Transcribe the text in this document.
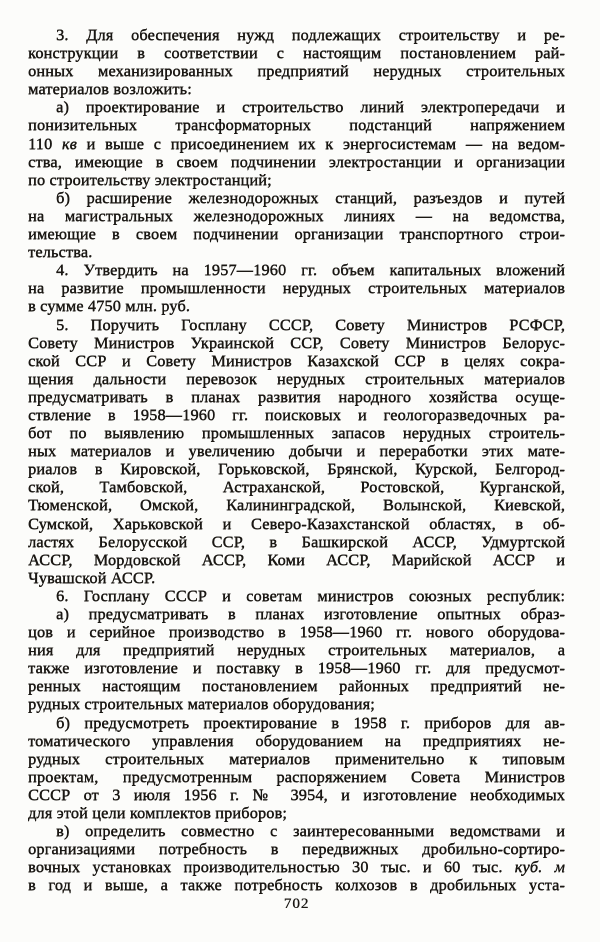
3. Для обеспечения нужд подлежащих строительству и ре-
конструкции в соответствии с настоящим постановлением рай-
онных механизированных предприятий нерудных строительных
материалов возложить:
а) проектирование и строительство линий электропередачи и
понизительных трансформаторных подстанций напряжением
110 кв и выше с присоединением их к энергосистемам — на ведом-
ства, имеющие в своем подчинении электростанции и организации
по строительству электростанций;
б) расширение железнодорожных станций, разъездов и путей
на магистральных железнодорожных линиях — на ведомства,
имеющие в своем подчинении организации транспортного строи-
тельства.
4. Утвердить на 1957—1960 гг. объем капитальных вложений
на развитие промышленности нерудных строительных материалов
в сумме 4750 млн. руб.
5. Поручить Госплану СССР, Совету Министров РСФСР,
Совету Министров Украинской ССР, Совету Министров Белорус-
ской ССР и Совету Министров Казахской ССР в целях сокра-
щения дальности перевозок нерудных строительных материалов
предусматривать в планах развития народного хозяйства осуще-
ствление в 1958—1960 гг. поисковых и геологоразведочных ра-
бот по выявлению промышленных запасов нерудных строитель-
ных материалов и увеличению добычи и переработки этих мате-
риалов в Кировской, Горьковской, Брянской, Курской, Белгород-
ской, Тамбовской, Астраханской, Ростовской, Курганской,
Тюменской, Омской, Калининградской, Волынской, Киевской,
Сумской, Харьковской и Северо-Казахстанской областях, в об-
ластях Белорусской ССР, в Башкирской АССР, Удмуртской
АССР, Мордовской АССР, Коми АССР, Марийской АССР и
Чувашской АССР.
6. Госплану СССР и советам министров союзных республик:
а) предусматривать в планах изготовление опытных образ-
цов и серийное производство в 1958—1960 гг. нового оборудова-
ния для предприятий нерудных строительных материалов, а
также изготовление и поставку в 1958—1960 гг. для предусмот-
ренных настоящим постановлением районных предприятий не-
рудных строительных материалов оборудования;
б) предусмотреть проектирование в 1958 г. приборов для ав-
томатического управления оборудованием на предприятиях не-
рудных строительных материалов применительно к типовым
проектам, предусмотренным распоряжением Совета Министров
СССР от 3 июля 1956 г. № 3954, и изготовление необходимых
для этой цели комплектов приборов;
в) определить совместно с заинтересованными ведомствами и
организациями потребность в передвижных дробильно-сортиро-
вочных установках производительностью 30 тыс. и 60 тыс. куб. м
в год и выше, а также потребность колхозов в дробильных уста-
702
